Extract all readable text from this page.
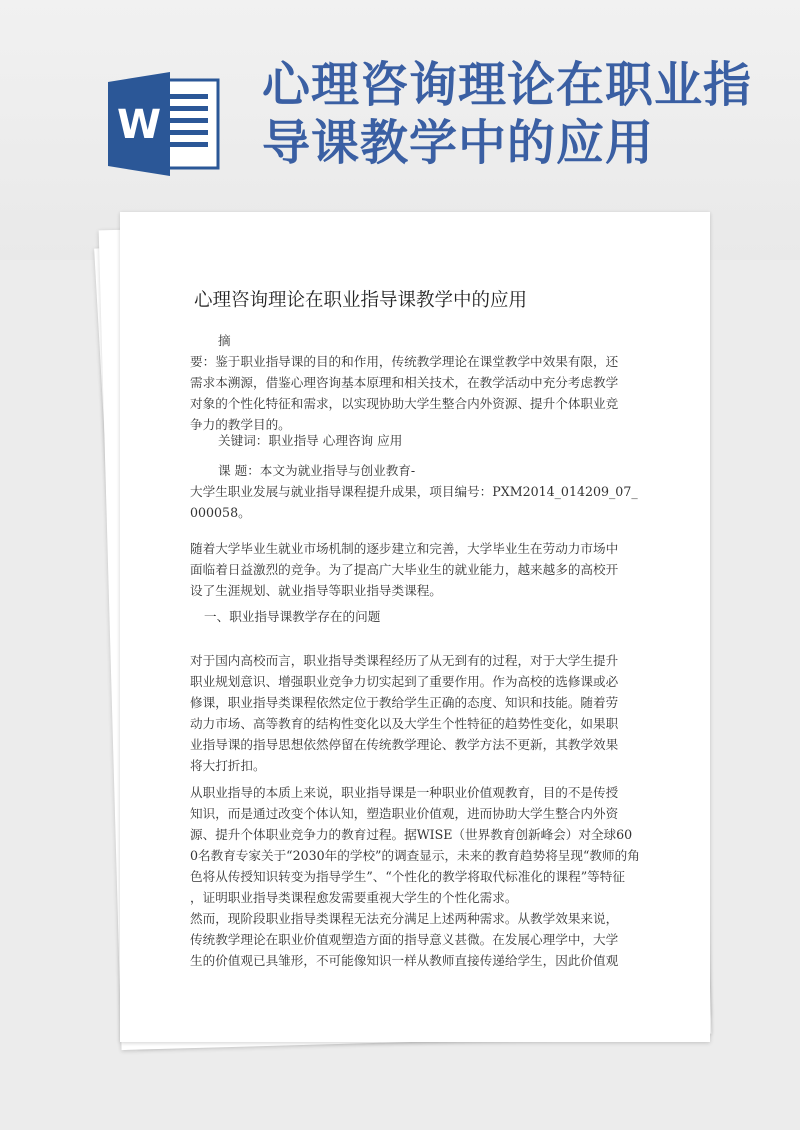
W
心理咨询理论在职业指
导课教学中的应用
心理咨询理论在职业指导课教学中的应用
摘
要：鉴于职业指导课的目的和作用，传统教学理论在课堂教学中效果有限，还
需求本溯源，借鉴心理咨询基本原理和相关技术，在教学活动中充分考虑教学
对象的个性化特征和需求，以实现协助大学生整合内外资源、提升个体职业竞
争力的教学目的。
关键词：职业指导 心理咨询 应用
课 题：本文为就业指导与创业教育-
大学生职业发展与就业指导课程提升成果，项目编号：PXM2014_014209_07_
000058。
随着大学毕业生就业市场机制的逐步建立和完善，大学毕业生在劳动力市场中
面临着日益激烈的竞争。为了提高广大毕业生的就业能力，越来越多的高校开
设了生涯规划、就业指导等职业指导类课程。
一、职业指导课教学存在的问题
对于国内高校而言，职业指导类课程经历了从无到有的过程，对于大学生提升
职业规划意识、增强职业竞争力切实起到了重要作用。作为高校的选修课或必
修课，职业指导类课程依然定位于教给学生正确的态度、知识和技能。随着劳
动力市场、高等教育的结构性变化以及大学生个性特征的趋势性变化，如果职
业指导课的指导思想依然停留在传统教学理论、教学方法不更新，其教学效果
将大打折扣。
从职业指导的本质上来说，职业指导课是一种职业价值观教育，目的不是传授
知识，而是通过改变个体认知，塑造职业价值观，进而协助大学生整合内外资
源、提升个体职业竞争力的教育过程。据WISE（世界教育创新峰会）对全球60
0名教育专家关于“2030年的学校”的调查显示，未来的教育趋势将呈现“教师的角
色将从传授知识转变为指导学生”、“个性化的教学将取代标准化的课程”等特征
，证明职业指导类课程愈发需要重视大学生的个性化需求。
然而，现阶段职业指导类课程无法充分满足上述两种需求。从教学效果来说，
传统教学理论在职业价值观塑造方面的指导意义甚微。在发展心理学中，大学
生的价值观已具雏形，不可能像知识一样从教师直接传递给学生，因此价值观
